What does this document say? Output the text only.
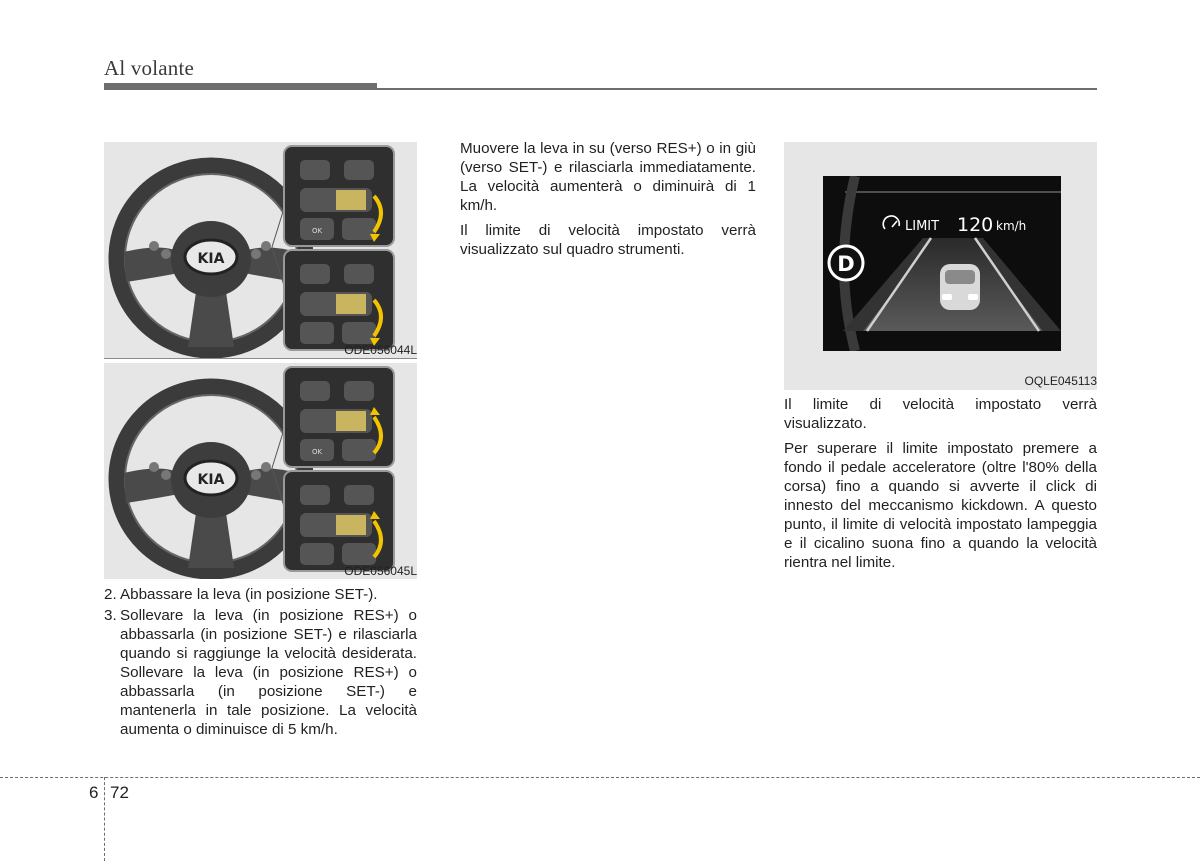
Al volante
KIA
OK
ODE056044L
KIA
OK
ODE056045L
2. Abbassare la leva (in posizione SET-).
3. Sollevare la leva (in posizione RES+) o abbassarla (in posizione SET-) e rilasciarla quando si raggiunge la velocità desiderata. Sollevare la leva (in posizione RES+) o abbassarla (in posizione SET-) e mantenerla in tale posizione. La velocità aumenta o diminuisce di 5 km/h.

Muovere la leva in su (verso RES+) o in giù (verso SET-) e rilasciarla immediatamente. La velocità aumenterà o diminuirà di 1 km/h.

Il limite di velocità impostato verrà visualizzato sul quadro strumenti.

D
LIMIT 120 km/h
OQLE045113

Il limite di velocità impostato verrà visualizzato.

Per superare il limite impostato premere a fondo il pedale acceleratore (oltre l'80% della corsa) fino a quando si avverte il click di innesto del meccanismo kickdown. A questo punto, il limite di velocità impostato lampeggia e il cicalino suona fino a quando la velocità rientra nel limite.

6 72
